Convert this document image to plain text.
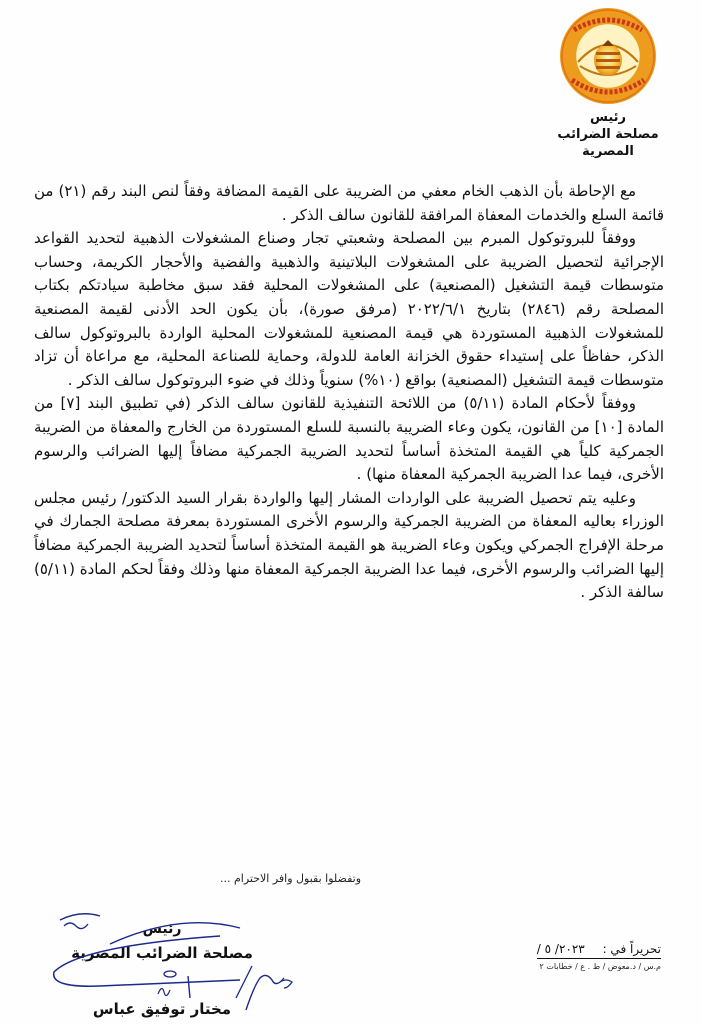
رئيس
مصلحة الضرائب المصرية

مع الإحاطة بأن الذهب الخام معفي من الضريبة على القيمة المضافة وفقاً لنص البند رقم (٢١) من قائمة السلع والخدمات المعفاة المرافقة للقانون سالف الذكر .

ووفقاً للبروتوكول المبرم بين المصلحة وشعبتي تجار وصناع المشغولات الذهبية لتحديد القواعد الإجرائية لتحصيل الضريبة على المشغولات البلاتينية والذهبية والفضية والأحجار الكريمة، وحساب متوسطات قيمة التشغيل (المصنعية) على المشغولات المحلية فقد سبق مخاطبة سيادتكم بكتاب المصلحة رقم (٢٨٤٦) بتاريخ ٢٠٢٢/٦/١ (مرفق صورة)، بأن يكون الحد الأدنى لقيمة المصنعية للمشغولات الذهبية المستوردة هي قيمة المصنعية للمشغولات المحلية الواردة بالبروتوكول سالف الذكر، حفاظاً على إستيداء حقوق الخزانة العامة للدولة، وحماية للصناعة المحلية، مع مراعاة أن تزاد متوسطات قيمة التشغيل (المصنعية) بواقع (١٠%) سنوياً وذلك في ضوء البروتوكول سالف الذكر .

ووفقاً لأحكام المادة (٥/١١) من اللائحة التنفيذية للقانون سالف الذكر (في تطبيق البند [٧] من المادة [١٠] من القانون، يكون وعاء الضريبة بالنسبة للسلع المستوردة من الخارج والمعفاة من الضريبة الجمركية كلياً هي القيمة المتخذة أساساً لتحديد الضريبة الجمركية مضافاً إليها الضرائب والرسوم الأخرى، فيما عدا الضريبة الجمركية المعفاة منها) .

وعليه يتم تحصيل الضريبة على الواردات المشار إليها والواردة بقرار السيد الدكتور/ رئيس مجلس الوزراء بعاليه المعفاة من الضريبة الجمركية والرسوم الأخرى المستوردة بمعرفة مصلحة الجمارك في مرحلة الإفراج الجمركي ويكون وعاء الضريبة هو القيمة المتخذة أساساً لتحديد الضريبة الجمركية مضافاً إليها الضرائب والرسوم الأخرى، فيما عدا الضريبة الجمركية المعفاة منها وذلك وفقاً لحكم المادة (٥/١١) سالفة الذكر .

وتفضلوا بقبول وافر الاحترام ...
رئيس
مصلحة الضرائب المصرية
مختار توفيق عباس
تحريراً في : ٢٠٢٣/ ٥ /
م.س / د.معوض / ط . ع / خطابات ٢
